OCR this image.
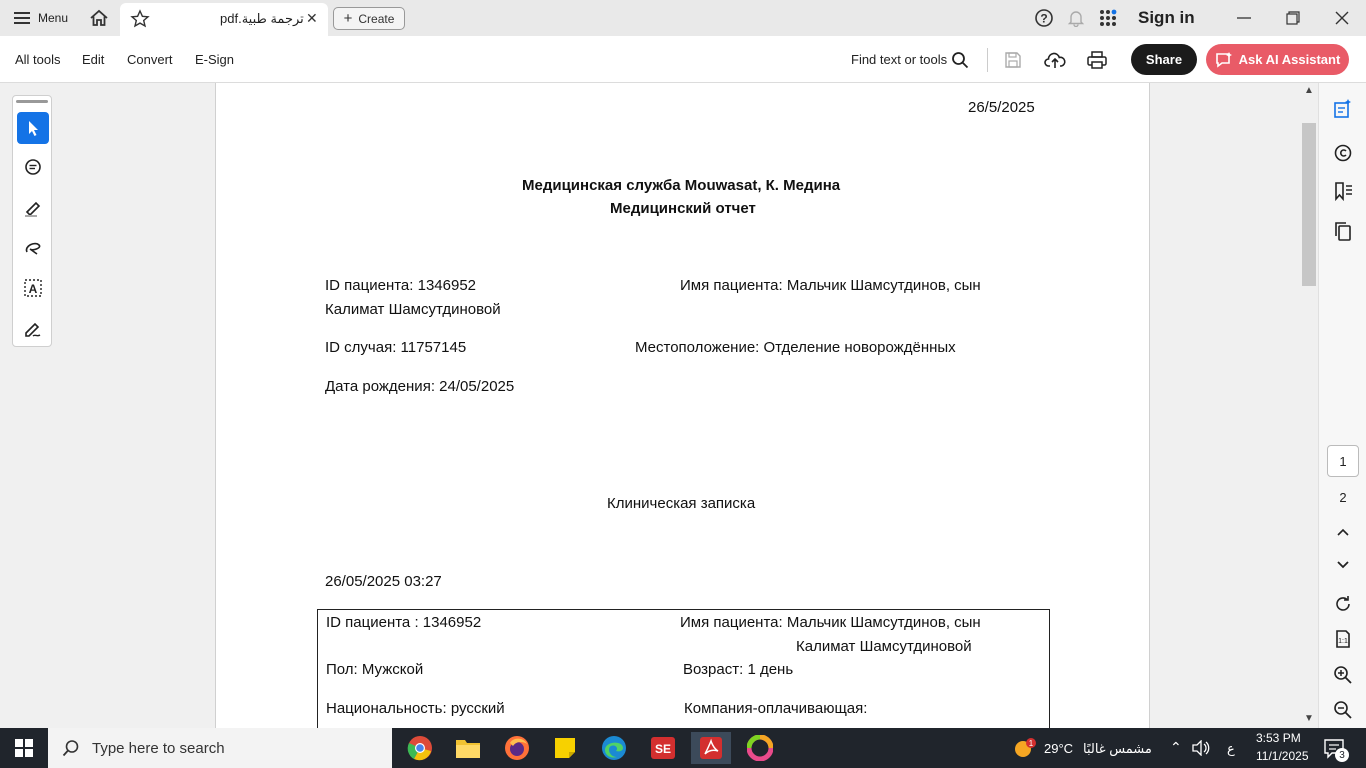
Menu	pdf.ترجمة طبية ✕ + Create	?	Sign in
All tools Edit Convert E-Sign	Find text or tools	Share	Ask AI Assistant
A
26/5/2025
Медицинская служба Mouwasat, К. Медина
Медицинский отчет
ID пациента: 1346952	Имя пациента: Мальчик Шамсутдинов, сын
Калимат Шамсутдиновой
ID случая: 11757145	Местоположение: Отделение новорождённых
Дата рождения: 24/05/2025
Клиническая записка
26/05/2025 03:27
ID пациента : 1346952	Имя пациента: Мальчик Шамсутдинов, сын
Калимат Шамсутдиновой
Пол: Мужской	Возраст: 1 день
Национальность: русский	Компания-оплачивающая:
▲
▼
1
2
1:1
Type here to search	SE	1 29°C مشمس غالبًا ⌃	ع
3:53 PM
11/1/2025	3
